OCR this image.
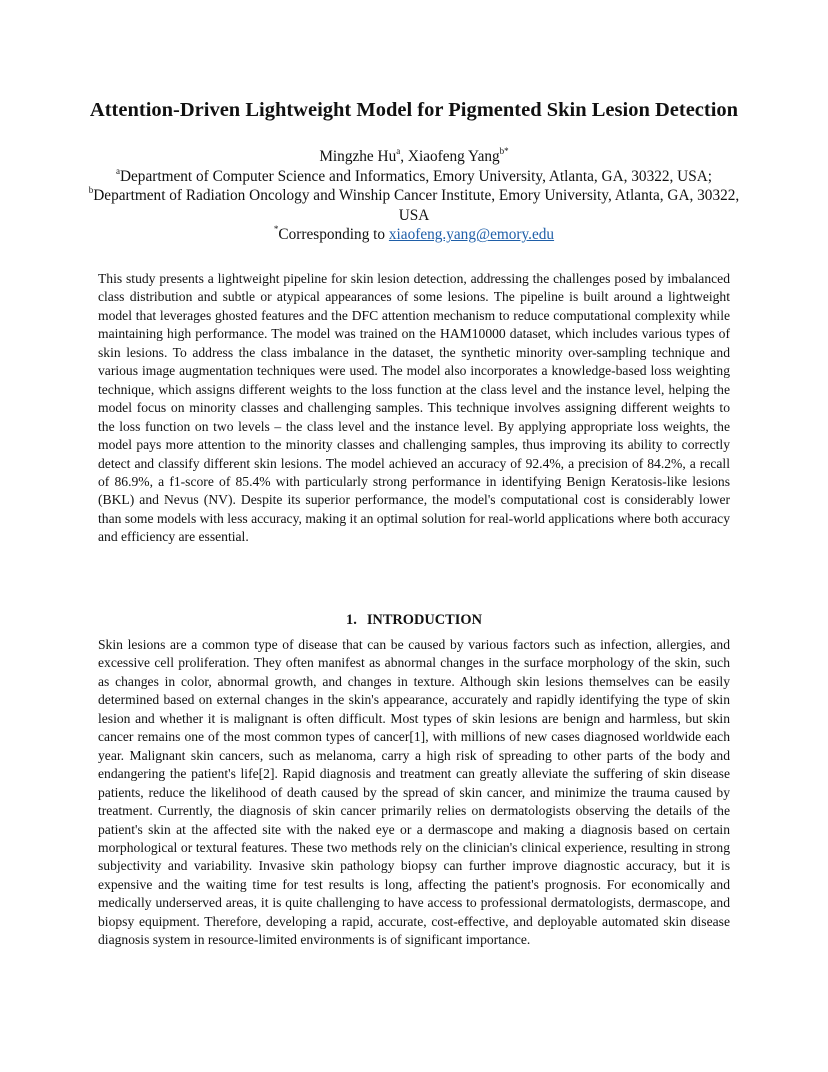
Attention-Driven Lightweight Model for Pigmented Skin Lesion Detection

Mingzhe Hu$^a$, Xiaofeng Yang$^{b*}$

$^a$Department of Computer Science and Informatics, Emory University, Atlanta, GA, 30322, USA; $^b$Department of Radiation Oncology and Winship Cancer Institute, Emory University, Atlanta, GA, 30322, USA

*Corresponding to xiaofeng.yang@emory.edu

This study presents a lightweight pipeline for skin lesion detection, addressing the challenges posed by imbalanced class distribution and subtle or atypical appearances of some lesions. The pipeline is built around a lightweight model that leverages ghosted features and the DFC attention mechanism to reduce computational complexity while maintaining high performance. The model was trained on the HAM10000 dataset, which includes various types of skin lesions. To address the class imbalance in the dataset, the synthetic minority over-sampling technique and various image augmentation techniques were used. The model also incorporates a knowledge-based loss weighting technique, which assigns different weights to the loss function at the class level and the instance level, helping the model focus on minority classes and challenging samples. This technique involves assigning different weights to the loss function on two levels – the class level and the instance level. By applying appropriate loss weights, the model pays more attention to the minority classes and challenging samples, thus improving its ability to correctly detect and classify different skin lesions. The model achieved an accuracy of 92.4%, a precision of 84.2%, a recall of 86.9%, a f1-score of 85.4% with particularly strong performance in identifying Benign Keratosis-like lesions (BKL) and Nevus (NV). Despite its superior performance, the model's computational cost is considerably lower than some models with less accuracy, making it an optimal solution for real-world applications where both accuracy and efficiency are essential.

1. INTRODUCTION

Skin lesions are a common type of disease that can be caused by various factors such as infection, allergies, and excessive cell proliferation. They often manifest as abnormal changes in the surface morphology of the skin, such as changes in color, abnormal growth, and changes in texture. Although skin lesions themselves can be easily determined based on external changes in the skin's appearance, accurately and rapidly identifying the type of skin lesion and whether it is malignant is often difficult. Most types of skin lesions are benign and harmless, but skin cancer remains one of the most common types of cancer[1], with millions of new cases diagnosed worldwide each year. Malignant skin cancers, such as melanoma, carry a high risk of spreading to other parts of the body and endangering the patient's life[2]. Rapid diagnosis and treatment can greatly alleviate the suffering of skin disease patients, reduce the likelihood of death caused by the spread of skin cancer, and minimize the trauma caused by treatment. Currently, the diagnosis of skin cancer primarily relies on dermatologists observing the details of the patient's skin at the affected site with the naked eye or a dermascope and making a diagnosis based on certain morphological or textural features. These two methods rely on the clinician's clinical experience, resulting in strong subjectivity and variability. Invasive skin pathology biopsy can further improve diagnostic accuracy, but it is expensive and the waiting time for test results is long, affecting the patient's prognosis. For economically and medically underserved areas, it is quite challenging to have access to professional dermatologists, dermascope, and biopsy equipment. Therefore, developing a rapid, accurate, cost-effective, and deployable automated skin disease diagnosis system in resource-limited environments is of significant importance.
